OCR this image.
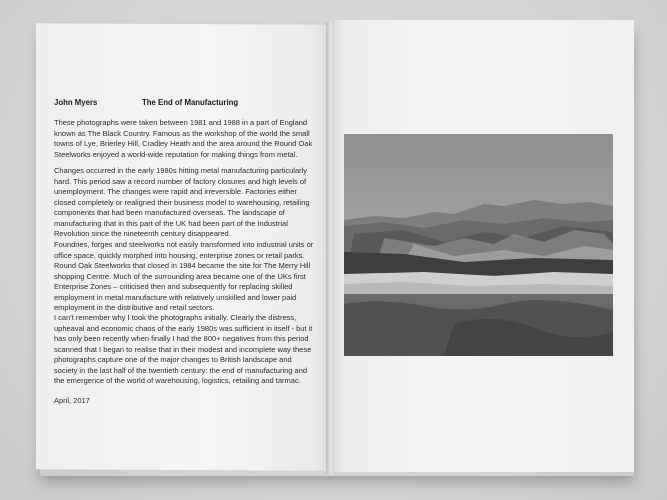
John Myers	The End of Manufacturing
These photographs were taken between 1981 and 1988 in a part of England known as The Black Country. Famous as the workshop of the world the small towns of Lye, Brierley Hill, Cradley Heath and the area around the Round Oak Steelworks enjoyed a world-wide reputation for making things from metal.
Changes occurred in the early 1980s hitting metal manufacturing particularly hard. This period saw a record number of factory closures and high levels of unemployment. The changes were rapid and irreversible. Factories either closed completely or realigned their business model to warehousing, retailing components that had been manufactured overseas. The landscape of manufacturing that in this part of the UK had been part of the Industrial Revolution since the nineteenth century disappeared.
Foundries, forges and steelworks not easily transformed into industrial units or office space, quickly morphed into housing, enterprise zones or retail parks. Round Oak Steelworks that closed in 1984 became the site for The Merry Hill shopping Centre. Much of the surrounding area became one of the UKs first Enterprise Zones – criticised then and subsequently for replacing skilled employment in metal manufacture with relatively unskilled and lower paid employment in the distributive and retail sectors.
I can't remember why I took the photographs initially. Clearly the distress, upheaval and economic chaos of the early 1980s was sufficient in itself - but it has only been recently when finally I had the 800+ negatives from this period scanned that I began to realise that in their modest and incomplete way these photographs capture one of the major changes to British landscape and society in the last half of the twentieth century: the end of manufacturing and the emergence of the world of warehousing, logistics, retailing and tarmac.
April, 2017
